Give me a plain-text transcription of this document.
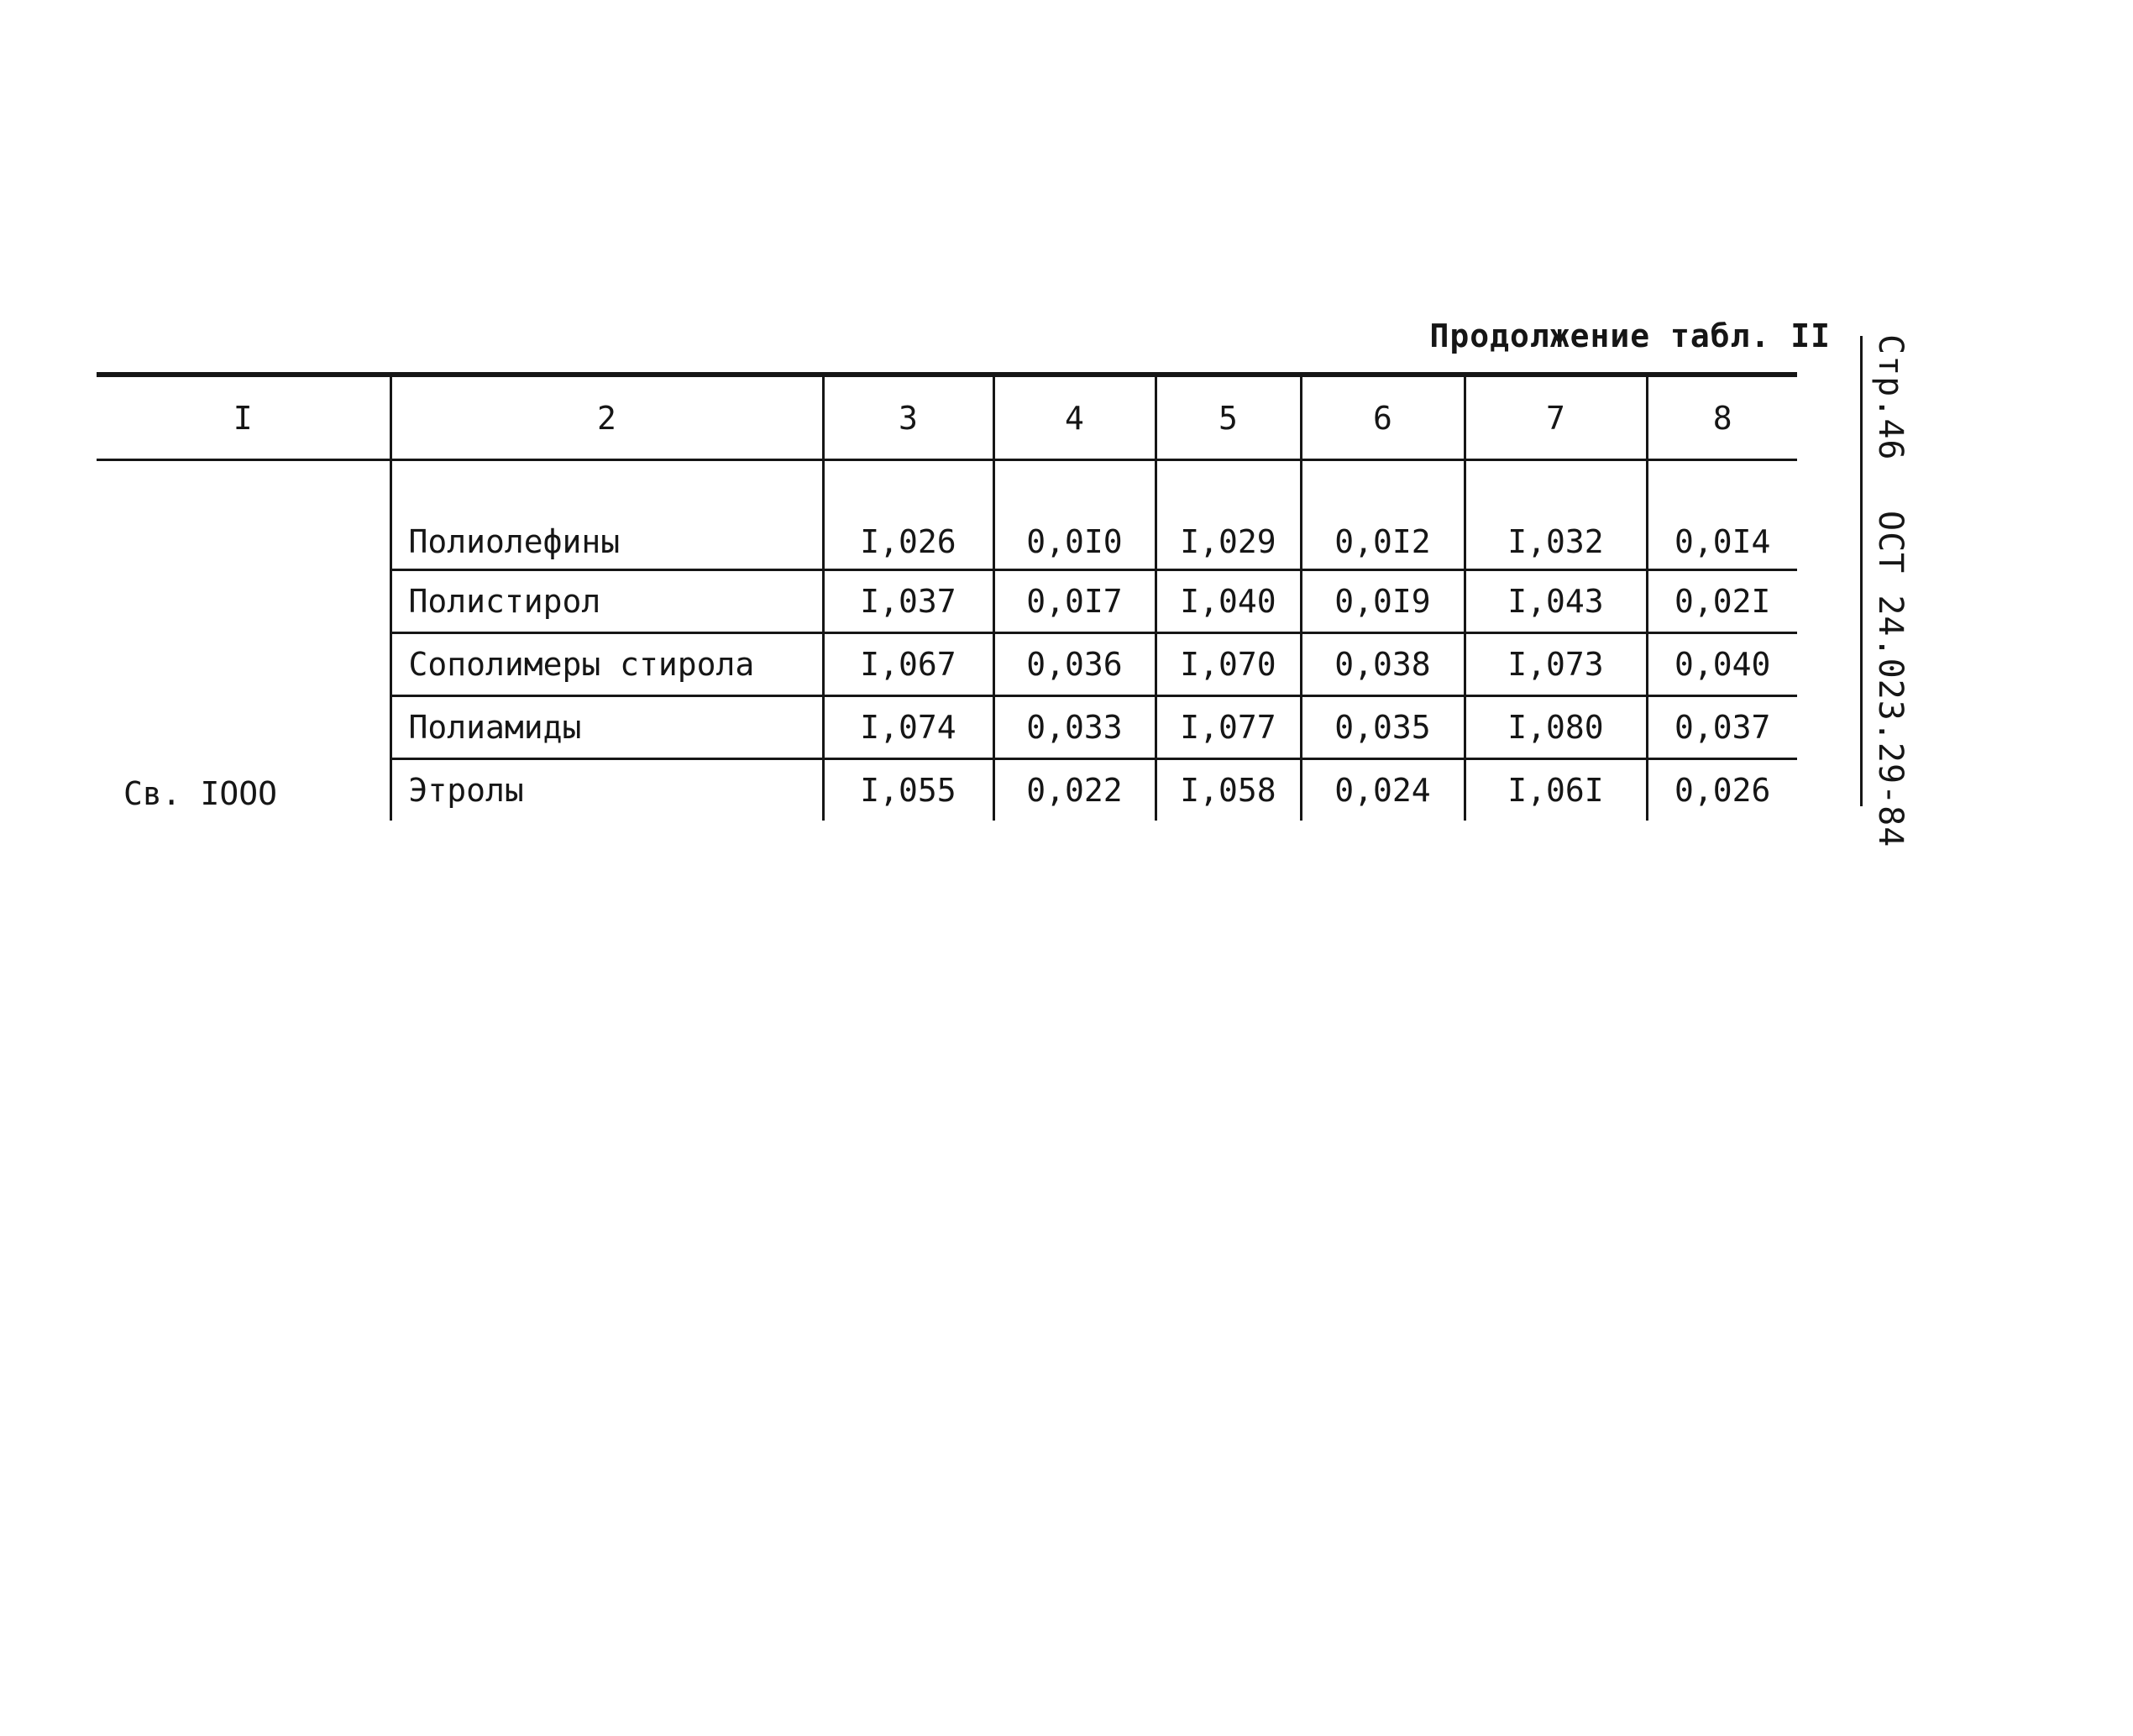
Продолжение табл. II
I	2	3	4	5	6	7	8
Св. IOOO	Полиолефины	I,026	0,0I0	I,029	0,0I2	I,032	0,0I4
	Полистирол	I,037	0,0I7	I,040	0,0I9	I,043	0,02I
	Сополимеры стирола	I,067	0,036	I,070	0,038	I,073	0,040
	Полиамиды	I,074	0,033	I,077	0,035	I,080	0,037
	Этролы	I,055	0,022	I,058	0,024	I,06I	0,026
Стр.46 ОСТ 24.023.29-84
